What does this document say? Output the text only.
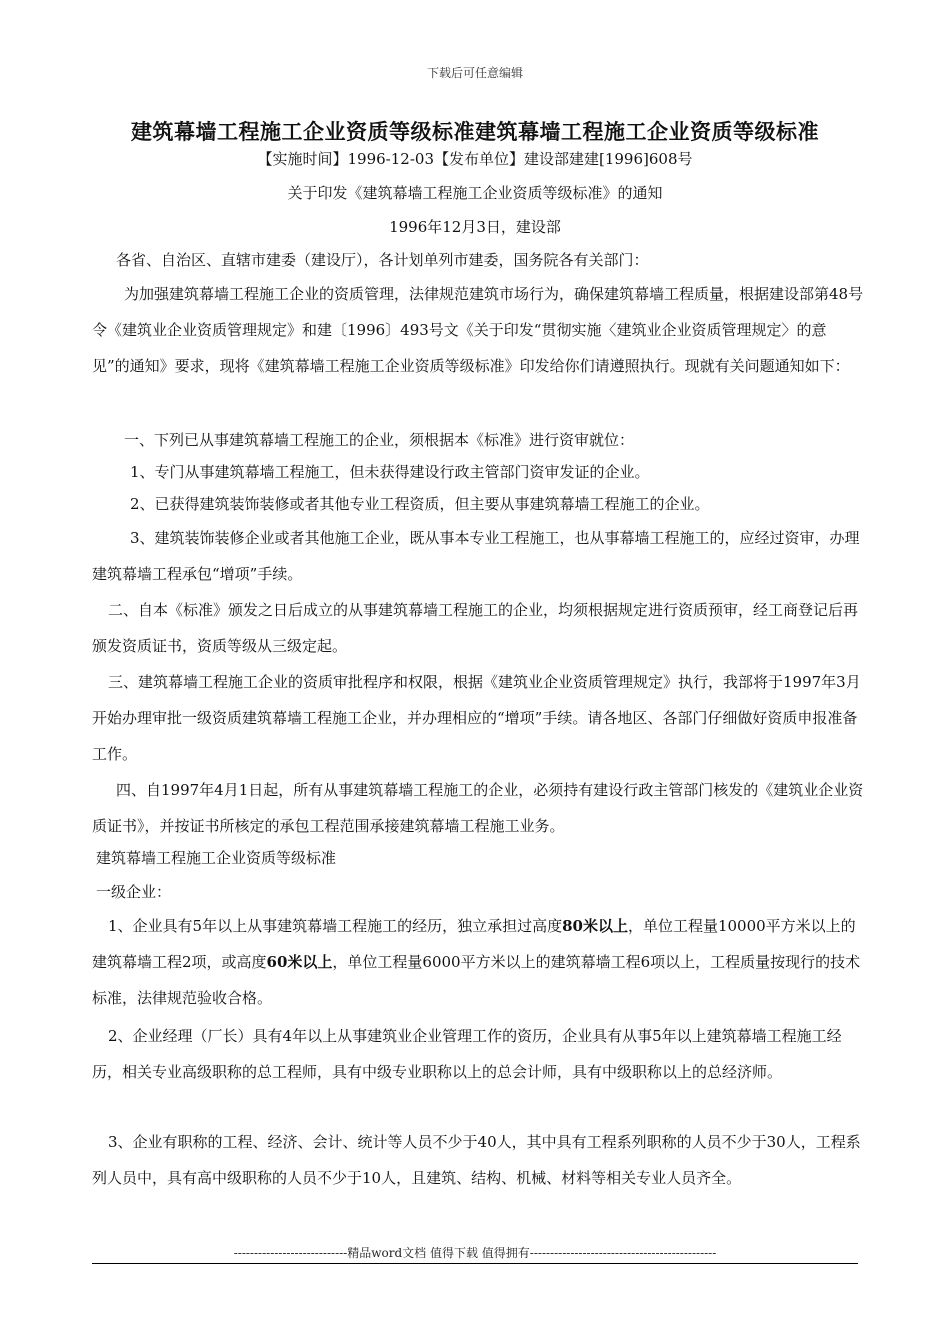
下载后可任意编辑
建筑幕墙工程施工企业资质等级标准建筑幕墙工程施工企业资质等级标准
【实施时间】1996-12-03【发布单位】建设部建建[1996]608号
关于印发《建筑幕墙工程施工企业资质等级标准》的通知
1996年12月3日，建设部
各省、自治区、直辖市建委（建设厅），各计划单列市建委，国务院各有关部门：
为加强建筑幕墙工程施工企业的资质管理，法律规范建筑市场行为，确保建筑幕墙工程质量，根据建设部第48号令《建筑业企业资质管理规定》和建〔1996〕493号文《关于印发“贯彻实施〈建筑业企业资质管理规定〉的意见”的通知》要求，现将《建筑幕墙工程施工企业资质等级标准》印发给你们请遵照执行。现就有关问题通知如下：
一、下列已从事建筑幕墙工程施工的企业，须根据本《标准》进行资审就位：
1、专门从事建筑幕墙工程施工，但未获得建设行政主管部门资审发证的企业。
2、已获得建筑装饰装修或者其他专业工程资质，但主要从事建筑幕墙工程施工的企业。
3、建筑装饰装修企业或者其他施工企业，既从事本专业工程施工，也从事幕墙工程施工的，应经过资审，办理建筑幕墙工程承包“增项”手续。
二、自本《标准》颁发之日后成立的从事建筑幕墙工程施工的企业，均须根据规定进行资质预审，经工商登记后再颁发资质证书，资质等级从三级定起。
三、建筑幕墙工程施工企业的资质审批程序和权限，根据《建筑业企业资质管理规定》执行，我部将于1997年3月开始办理审批一级资质建筑幕墙工程施工企业，并办理相应的“增项”手续。请各地区、各部门仔细做好资质申报准备工作。
四、自1997年4月1日起，所有从事建筑幕墙工程施工的企业，必须持有建设行政主管部门核发的《建筑业企业资质证书》，并按证书所核定的承包工程范围承接建筑幕墙工程施工业务。
建筑幕墙工程施工企业资质等级标准
一级企业：
1、企业具有5年以上从事建筑幕墙工程施工的经历，独立承担过高度80米以上，单位工程量10000平方米以上的建筑幕墙工程2项，或高度60米以上，单位工程量6000平方米以上的建筑幕墙工程6项以上，工程质量按现行的技术标准，法律规范验收合格。
2、企业经理（厂长）具有4年以上从事建筑业企业管理工作的资历，企业具有从事5年以上建筑幕墙工程施工经历，相关专业高级职称的总工程师，具有中级专业职称以上的总会计师，具有中级职称以上的总经济师。
3、企业有职称的工程、经济、会计、统计等人员不少于40人，其中具有工程系列职称的人员不少于30人，工程系列人员中，具有高中级职称的人员不少于10人，且建筑、结构、机械、材料等相关专业人员齐全。
----------------------------精品word文档 值得下载 值得拥有----------------------------------------------
